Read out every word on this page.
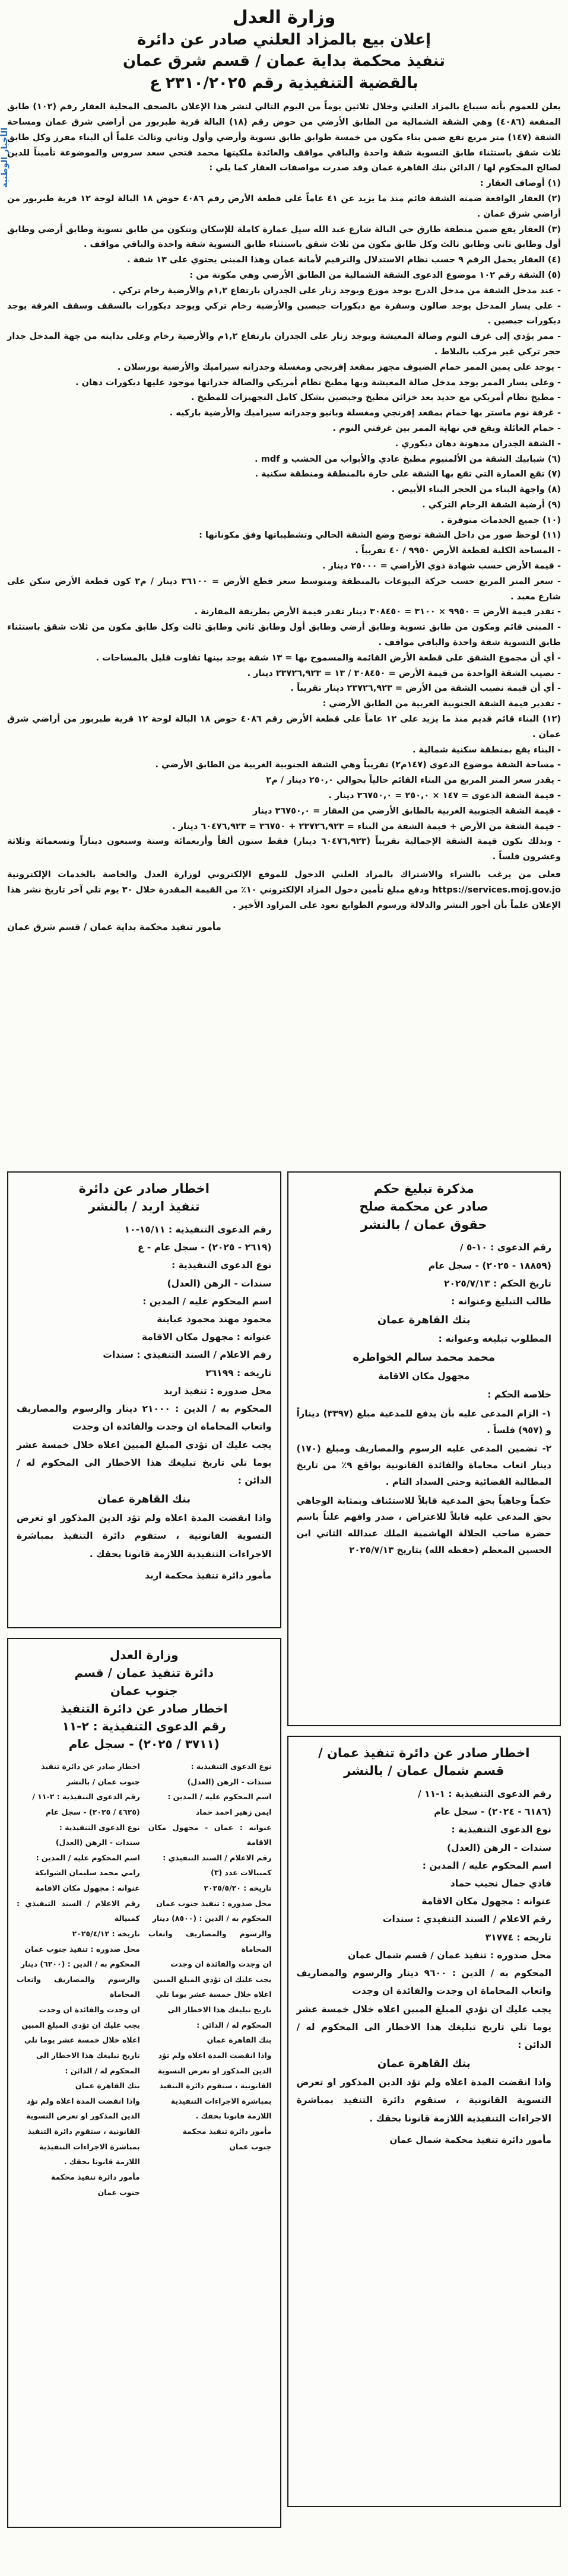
الأخبار الوطنية
وزارة العدل
إعلان بيع بالمزاد العلني صادر عن دائرة
تنفيذ محكمة بداية عمان / قسم شرق عمان
بالقضية التنفيذية رقم ٢٣١٠/٢٠٢٥ ع

يعلن للعموم بأنه سيباع بالمزاد العلني وخلال ثلاثين يوماً من اليوم التالي لنشر هذا الإعلان بالصحف المحلية العقار رقم (١٠٢) طابق المنفعة (٤٠٨٦) وهي الشقة الشمالية من الطابق الأرضي من حوض رقم (١٨) البالة قرية طبربور من أراضي شرق عمان ومساحة الشقة (١٤٧) متر مربع تقع ضمن بناء مكون من خمسة طوابق طابق تسوية وأرضي وأول وثاني وثالث علماً أن البناء مفرز وكل طابق ثلاث شقق باستثناء طابق التسوية شقة واحدة والباقي مواقف والعائدة ملكيتها محمد فتحي سعد سروس والموضوعة تأميناً للدين لصالح المحكوم لها / الدائن بنك القاهرة عمان وقد صدرت مواصفات العقار كما يلي :

(١) أوصاف العقار :
(٢) العقار الواقعة ضمنه الشقة قائم منذ ما يزيد عن ٤١ عاماً على قطعة الأرض رقم ٤٠٨٦ حوض ١٨ البالة لوحة ١٢ قرية طبربور من أراضي شرق عمان .
(٣) العقار يقع ضمن منطقة طارق حي البالة شارع عبد الله سيل عمارة كاملة للإسكان وتتكون من طابق تسوية وطابق أرضي وطابق أول وطابق ثاني وطابق ثالث وكل طابق مكون من ثلاث شقق باستثناء طابق التسوية شقة واحدة والباقي مواقف .
(٤) العقار يحمل الرقم ٩ حسب نظام الاستدلال والترقيم لأمانة عمان وهذا المبنى يحتوي على ١٣ شقة .
(٥) الشقة رقم ١٠٢ موضوع الدعوى الشقة الشمالية من الطابق الأرضي وهي مكونة من :
- عند مدخل الشقة من مدخل الدرج يوجد موزع ويوجد زنار على الجدران بارتفاع ١,٢م والأرضية رخام تركي .
- على يسار المدخل يوجد صالون وسفرة مع ديكورات جبصين والأرضية رخام تركي ويوجد ديكورات بالسقف وسقف الغرفة يوجد ديكورات جبصين .
- ممر يؤدي إلى غرف النوم وصالة المعيشة ويوجد زنار على الجدران بارتفاع ١,٢م والأرضية رخام وعلى بدايته من جهة المدخل جدار حجر تركي غير مركب بالبلاط .
- يوجد على يمين الممر حمام الضيوف مجهز بمقعد إفرنجي ومغسلة وجدرانه سيراميك والأرضية بورسلان .
- وعلى يسار الممر يوجد مدخل صالة المعيشة وبها مطبخ نظام أمريكي والصالة جدرانها موجود عليها ديكورات دهان .
- مطبخ نظام أمريكي مع حديد بعد خزائن مطبخ وجبصين بشكل كامل التجهيزات للمطبخ .
- غرفة نوم ماستر بها حمام بمقعد إفرنجي ومغسلة وبانيو وجدرانه سيراميك والأرضية باركيه .
- حمام العائلة ويقع في نهاية الممر بين غرفتي النوم .
- الشقة الجدران مدهونة دهان ديكوري .
(٦) شبابيك الشقة من الألمنيوم مطبخ عادي والأبواب من الخشب و mdf .
(٧) تقع العمارة التي تقع بها الشقة على حارة بالمنطقة ومنطقة سكنية .
(٨) واجهة البناء من الحجر البناء الأبيض .
(٩) أرضية الشقة الرخام التركي .
(١٠) جميع الخدمات متوفرة .
(١١) لوحظ صور من داخل الشقة توضح وضع الشقة الحالي وتشطيباتها وفق مكوناتها :
- المساحة الكلية لقطعة الأرض ٩٩٥٠ / ٤٠ تقريباً .
- قيمة الأرض حسب شهادة ذوي الأراضي = ٢٥٠٠٠ دينار .
- سعر المتر المربع حسب حركة البيوعات بالمنطقة ومتوسط سعر قطع الأرض = ٣٦١٠٠ دينار / م٢ كون قطعة الأرض سكن على شارع معبد .
- تقدر قيمة الأرض = ٩٩٥٠ × ٣١٠٠ = ٣٠٨٤٥٠ دينار تقدر قيمة الأرض بطريقة المقارنة .
- المبنى قائم ومكون من طابق تسوية وطابق أرضي وطابق أول وطابق ثاني وطابق ثالث وكل طابق مكون من ثلاث شقق باستثناء طابق التسوية شقة واحدة والباقي مواقف .
- أي أن مجموع الشقق على قطعة الأرض القائمة والمسموح بها = ١٣ شقة يوجد بينها تفاوت قليل بالمساحات .
- نصيب الشقة الواحدة من قيمة الأرض = ٣٠٨٤٥٠ / ١٣ = ٢٣٧٢٦,٩٢٣ دينار .
- أي أن قيمة نصيب الشقة من الأرض = ٢٣٧٢٦,٩٢٣ دينار تقريباً .
- تقدير قيمة الشقة الجنوبية الغربية من الطابق الأرضي :
(١٢) البناء قائم قديم منذ ما يزيد على ١٢ عاماً على قطعة الأرض رقم ٤٠٨٦ حوض ١٨ البالة لوحة ١٢ قرية طبربور من أراضي شرق عمان .
- البناء يقع بمنطقة سكنية شمالية .
- مساحة الشقة موضوع الدعوى (١٤٧م٢) تقريباً وهي الشقة الجنوبية الغربية من الطابق الأرضي .
- يقدر سعر المتر المربع من البناء القائم حالياً بحوالي ٢٥٠,٠ دينار / م٢
- قيمة الشقة الدعوى = ١٤٧ × ٢٥٠,٠ = ٣٦٧٥٠,٠ دينار .
- قيمة الشقة الجنوبية الغربية بالطابق الأرضي من العقار = ٣٦٧٥٠,٠ دينار
- قيمة الشقة من الأرض + قيمة الشقة من البناء = ٢٣٧٢٦,٩٢٣ + ٣٦٧٥٠ = ٦٠٤٧٦,٩٢٣ دينار .
- وبذلك تكون قيمة الشقة الإجمالية تقريباً (٦٠٤٧٦,٩٢٣ دينار) فقط ستون ألفاً وأربعمائة وستة وسبعون ديناراً وتسعمائة وثلاثة وعشرون فلساً .

فعلى من يرغب بالشراء والاشتراك بالمزاد العلني الدخول للموقع الإلكتروني لوزارة العدل والخاصة بالخدمات الإلكترونية https://services.moj.gov.jo ودفع مبلغ تأمين دخول المزاد الإلكتروني ١٠٪ من القيمة المقدرة خلال ٣٠ يوم تلي آخر تاريخ نشر هذا الإعلان علماً بأن أجور النشر والدلالة ورسوم الطوابع تعود على المزاود الأخير .

مأمور تنفيذ محكمة بداية عمان / قسم شرق عمان
مذكرة تبليغ حكم
صادر عن محكمة صلح
حقوق عمان / بالنشر
رقم الدعوى : ١٠-٥ /
(١٨٨٥٩ - ٢٠٢٥) - سجل عام
تاريخ الحكم : ٢٠٢٥/٧/١٣
طالب التبليغ وعنوانه :
بنك القاهرة عمان
المطلوب تبليغه وعنوانه :
محمد محمد سالم الخواطره
مجهول مكان الاقامة
خلاصة الحكم :
١- الزام المدعى عليه بأن يدفع للمدعية مبلغ (٣٣٩٧) ديناراً و (٩٥٧) فلساً .
٢- تضمين المدعى عليه الرسوم والمصاريف ومبلغ (١٧٠) دينار اتعاب محاماة والفائدة القانونية بواقع ٩٪ من تاريخ المطالبة القضائية وحتى السداد التام .
حكماً وجاهياً بحق المدعية قابلاً للاستئناف وبمثابة الوجاهي بحق المدعى عليه قابلاً للاعتراض ، صدر وافهم علناً باسم حضرة صاحب الجلالة الهاشمية الملك عبدالله الثاني ابن الحسين المعظم (حفظه الله) بتاريخ ٢٠٢٥/٧/١٣
اخطار صادر عن دائرة تنفيذ عمان /
قسم شمال عمان / بالنشر
رقم الدعوى التنفيذية : ١-١١ /
(٦١٨٦ - ٢٠٢٤) - سجل عام
نوع الدعوى التنفيذية :
سندات - الرهن (العدل)
اسم المحكوم عليه / المدين :
فادي جمال نجيب حماد
عنوانه : مجهول مكان الاقامة
رقم الاعلام / السند التنفيذي : سندات
تاريخه : ٣١٧٧٤
محل صدوره : تنفيذ عمان / قسم شمال عمان
المحكوم به / الدين : ٩٦٠٠ دينار والرسوم والمصاريف واتعاب المحاماة ان وجدت والفائدة ان وجدت
يجب عليك ان تؤدي المبلغ المبين اعلاه خلال خمسة عشر يوما تلي تاريخ تبليغك هذا الاخطار الى المحكوم له / الدائن :
بنك القاهرة عمان
واذا انقضت المدة اعلاه ولم تؤد الدين المذكور او تعرض التسوية القانونية ، ستقوم دائرة التنفيذ بمباشرة الاجراءات التنفيذية اللازمة قانونا بحقك .
مأمور دائرة تنفيذ محكمة شمال عمان
اخطار صادر عن دائرة
تنفيذ اربد / بالنشر
رقم الدعوى التنفيذية : ١٥/١١-١٠
(٢٦١٩ - ٢٠٢٥) - سجل عام - ع
نوع الدعوى التنفيذية :
سندات - الرهن (العدل)
اسم المحكوم عليه / المدين :
محمود مهند محمود عباينة
عنوانه : مجهول مكان الاقامة
رقم الاعلام / السند التنفيذي : سندات
تاريخه : ٢٦١٩٩
محل صدوره : تنفيذ اربد
المحكوم به / الدين : ٢١٠٠٠ دينار والرسوم والمصاريف واتعاب المحاماة ان وجدت والفائدة ان وجدت
يجب عليك ان تؤدي المبلغ المبين اعلاه خلال خمسة عشر يوما تلي تاريخ تبليغك هذا الاخطار الى المحكوم له / الدائن :
بنك القاهرة عمان
واذا انقضت المدة اعلاه ولم تؤد الدين المذكور او تعرض التسوية القانونية ، ستقوم دائرة التنفيذ بمباشرة الاجراءات التنفيذية اللازمة قانونا بحقك .
مأمور دائرة تنفيذ محكمة اربد
وزارة العدل
دائرة تنفيذ عمان / قسم
جنوب عمان
اخطار صادر عن دائرة التنفيذ
رقم الدعوى التنفيذية : ٢-١١
(٣٧١١ / ٢٠٢٥) - سجل عام
نوع الدعوى التنفيذية :
سندات - الرهن (العدل)
اسم المحكوم عليه / المدين :
ايمن زهير احمد حماد
عنوانه : عمان - مجهول مكان الاقامة
رقم الاعلام / السند التنفيذي :
كمبيالات عدد (٣)
تاريخه : ٢٠٢٥/٥/٢٠
محل صدوره : تنفيذ جنوب عمان
المحكوم به / الدين : (٨٥٠٠) دينار
والرسوم والمصاريف واتعاب المحاماة
ان وجدت والفائدة ان وجدت
يجب عليك ان تؤدي المبلغ المبين
اعلاه خلال خمسة عشر يوما تلي
تاريخ تبليغك هذا الاخطار الى
المحكوم له / الدائن :
بنك القاهرة عمان
واذا انقضت المدة اعلاه ولم تؤد
الدين المذكور او تعرض التسوية
القانونية ، ستقوم دائرة التنفيذ
بمباشرة الاجراءات التنفيذية
اللازمة قانونا بحقك .
مأمور دائرة تنفيذ محكمة
جنوب عمان
اخطار صادر عن دائرة تنفيذ
جنوب عمان / بالنشر
رقم الدعوى التنفيذية : ٢-١١ /
(٤٦٢٥ / ٢٠٢٥) - سجل عام
نوع الدعوى التنفيذية :
سندات - الرهن (العدل)
اسم المحكوم عليه / المدين :
رامي محمد سليمان الشوابكة
عنوانه : مجهول مكان الاقامة
رقم الاعلام / السند التنفيذي : كمبيالة
تاريخه : ٢٠٢٥/٤/١٢
محل صدوره : تنفيذ جنوب عمان
المحكوم به / الدين : (٦٢٠٠) دينار
والرسوم والمصاريف واتعاب المحاماة
ان وجدت والفائدة ان وجدت
يجب عليك ان تؤدي المبلغ المبين
اعلاه خلال خمسة عشر يوما تلي
تاريخ تبليغك هذا الاخطار الى
المحكوم له / الدائن :
بنك القاهرة عمان
واذا انقضت المدة اعلاه ولم تؤد
الدين المذكور او تعرض التسوية
القانونية ، ستقوم دائرة التنفيذ
بمباشرة الاجراءات التنفيذية
اللازمة قانونا بحقك .
مأمور دائرة تنفيذ محكمة
جنوب عمان
